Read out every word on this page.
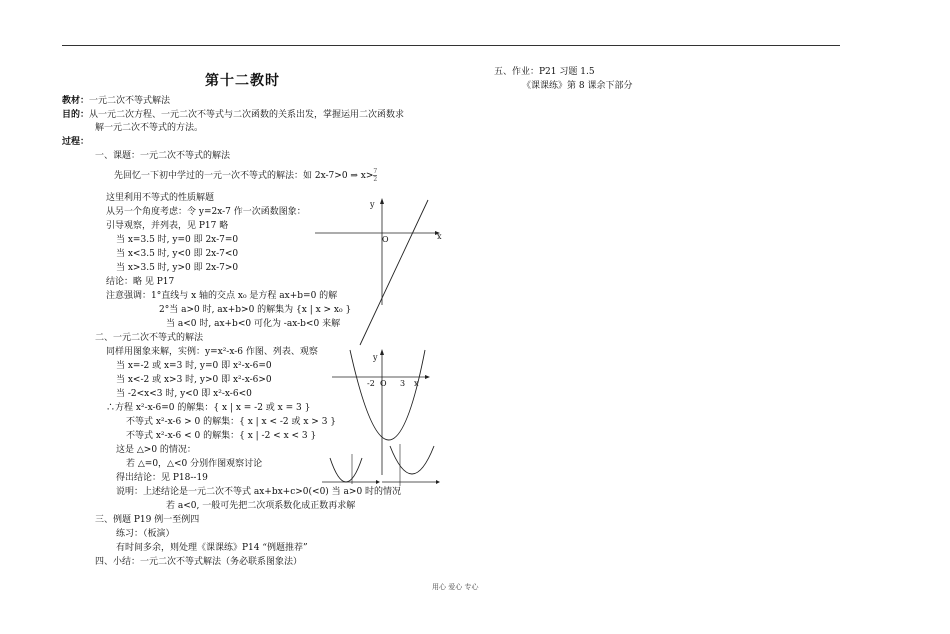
第十二教时
教材：一元二次不等式解法
目的：从一元二次方程、一元二次不等式与二次函数的关系出发，掌握运用二次函数求
解一元二次不等式的方法。
过程：
一、课题：一元二次不等式的解法
先回忆一下初中学过的一元一次不等式的解法：如 2x-7>0 ⇒ $x> \frac{7}{2}$
这里利用不等式的性质解题
从另一个角度考虑：令 y=2x-7 作一次函数图象：
引导观察，并列表，见 P17 略
当 x=3.5 时, y=0 即 2x-7=0
当 x<3.5 时, y<0 即 2x-7<0
当 x>3.5 时, y>0 即 2x-7>0
结论：略 见 P17
注意强调：1°直线与 x 轴的交点 x₀ 是方程 ax+b=0 的解
2°当 a>0 时, ax+b>0 的解集为 {x | x > x₀ }
当 a<0 时, ax+b<0 可化为 -ax-b<0 来解
二、一元二次不等式的解法
同样用图象来解，实例：y=x²-x-6 作图、列表、观察
当 x=-2 或 x=3 时, y=0 即 x²-x-6=0
当 x<-2 或 x>3 时, y>0 即 x²-x-6>0
当 -2<x<3 时, y<0 即 x²-x-6<0
∴方程 x²-x-6=0 的解集：{ x | x = -2 或 x = 3 }
不等式 x²-x-6 > 0 的解集：{ x | x < -2 或 x > 3 }
不等式 x²-x-6 < 0 的解集：{ x | -2 < x < 3 }
这是 △>0 的情况：
若 △=0，△<0 分别作图观察讨论
得出结论：见 P18--19
说明：上述结论是一元二次不等式 ax+bx+c>0(<0) 当 a>0 时的情况
若 a<0, 一般可先把二次项系数化成正数再求解
三、例题 P19 例一至例四
练习：（板演）
有时间多余，则处理《课课练》P14 “例题推荐”
四、小结：一元二次不等式解法（务必联系图象法）
五、作业：P21 习题 1.5
《课课练》第 8 课余下部分
y
x
O
y
O
-2	3 x
用心 爱心 专心
